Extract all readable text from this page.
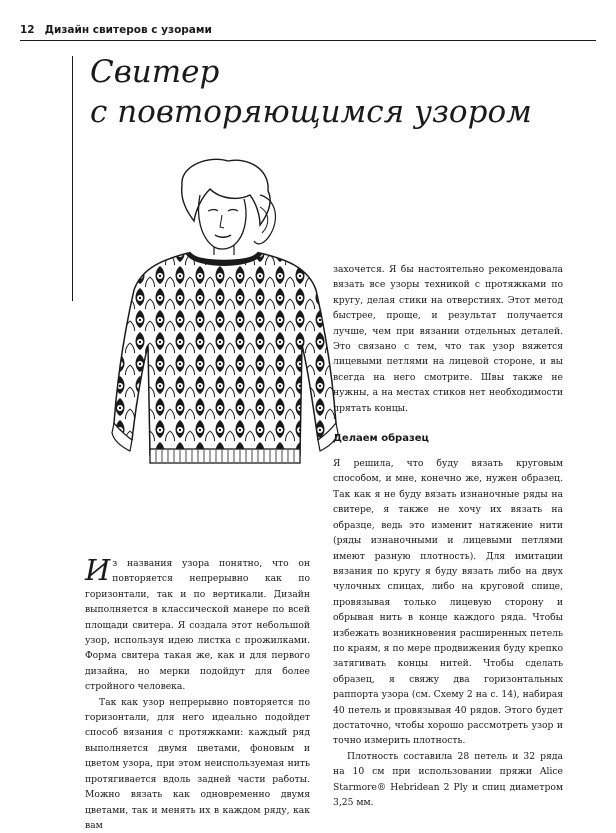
12 Дизайн свитеров с узорами
Свитер
с повторяющимся узором

Из названия узора понятно, что он повторяется непрерывно как по горизонтали, так и по вертикали. Дизайн выполняется в классической манере по всей площади свитера. Я создала этот небольшой узор, используя идею листка с прожилками. Форма свитера такая же, как и для первого дизайна, но мерки подойдут для более стройного человека.

Так как узор непрерывно повторяется по горизонтали, для него идеально подойдет способ вязания с протяжками: каждый ряд выполняется двумя цветами, фоновым и цветом узора, при этом неиспользуемая нить протягивается вдоль задней части работы. Можно вязать как одновременно двумя цветами, так и менять их в каждом ряду, как вам

захочется. Я бы настоятельно рекомендовала вязать все узоры техникой с протяжками по кругу, делая стики на отверстиях. Этот метод быстрее, проще, и результат получается лучше, чем при вязании отдельных деталей. Это связано с тем, что так узор вяжется лицевыми петлями на лицевой стороне, и вы всегда на него смотрите. Швы также не нужны, а на местах стиков нет необходимости прятать концы.

Делаем образец

Я решила, что буду вязать круговым способом, и мне, конечно же, нужен образец. Так как я не буду вязать изнаночные ряды на свитере, я также не хочу их вязать на образце, ведь это изменит натяжение нити (ряды изнаночными и лицевыми петлями имеют разную плотность). Для имитации вязания по кругу я буду вязать либо на двух чулочных спицах, либо на круговой спице, провязывая только лицевую сторону и обрывая нить в конце каждого ряда. Чтобы избежать возникновения расширенных петель по краям, я по мере продвижения буду крепко затягивать концы нитей. Чтобы сделать образец, я свяжу два горизонтальных раппорта узора (см. Схему 2 на с. 14), набирая 40 петель и провязывая 40 рядов. Этого будет достаточно, чтобы хорошо рассмотреть узор и точно измерить плотность.

Плотность составила 28 петель и 32 ряда на 10 см при использовании пряжи Alice Starmore® Hebridean 2 Ply и спиц диаметром 3,25 мм.
